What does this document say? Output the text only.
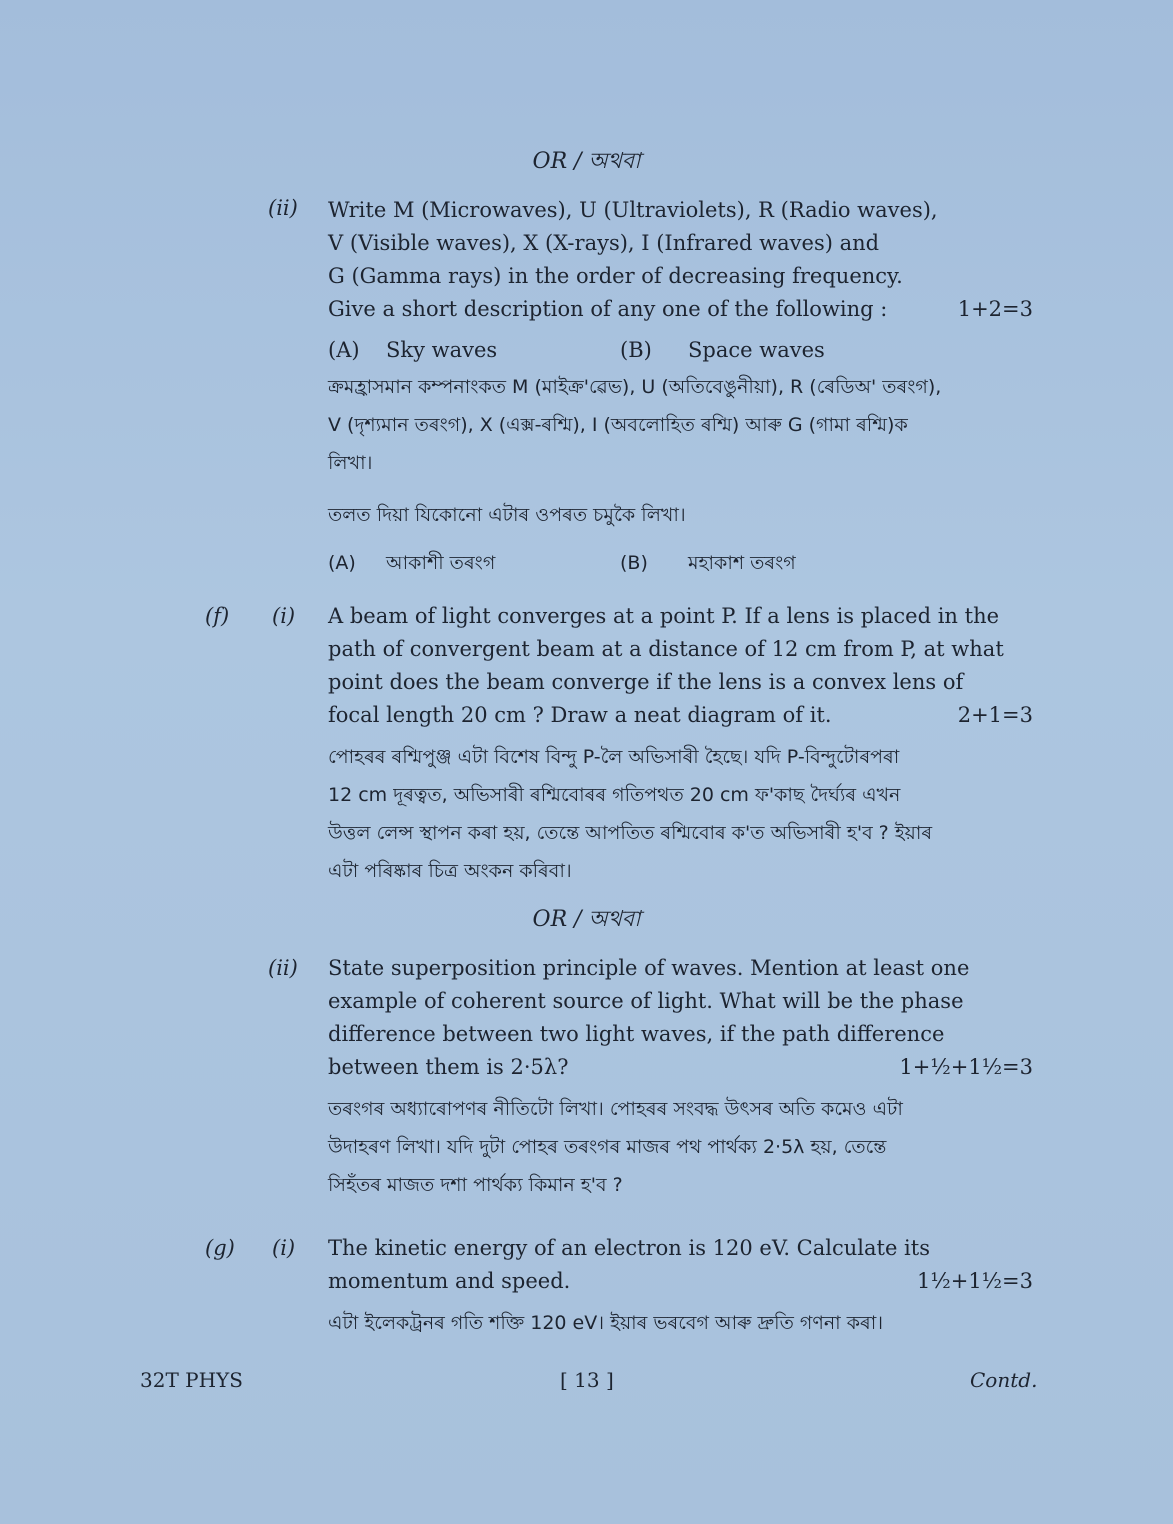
OR / অথবা
(ii) Write M (Microwaves), U (Ultraviolets), R (Radio waves),
V (Visible waves), X (X-rays), I (Infrared waves) and
G (Gamma rays) in the order of decreasing frequency.
Give a short description of any one of the following :	1+2=3
(A)	Sky waves	(B)	Space waves
ক্রমহ্রাসমান কম্পনাংকত M (মাইক্র'ৱেভ), U (অতিবেঙুনীয়া), R (ৰেডিঅ' তৰংগ),
V (দৃশ্যমান তৰংগ), X (এক্স-ৰশ্মি), I (অবলোহিত ৰশ্মি) আৰু G (গামা ৰশ্মি)ক
লিখা।
তলত দিয়া যিকোনো এটাৰ ওপৰত চমুকৈ লিখা।
(A)	আকাশী তৰংগ	(B)	মহাকাশ তৰংগ
(f) (i) A beam of light converges at a point P. If a lens is placed in the
path of convergent beam at a distance of 12 cm from P, at what
point does the beam converge if the lens is a convex lens of
focal length 20 cm ? Draw a neat diagram of it.	2+1=3
পোহৰৰ ৰশ্মিপুঞ্জ এটা বিশেষ বিন্দু P-লৈ অভিসাৰী হৈছে। যদি P-বিন্দুটোৰপৰা
12 cm দূৰত্বত, অভিসাৰী ৰশ্মিবোৰৰ গতিপথত 20 cm ফ'কাছ দৈৰ্ঘ্যৰ এখন
উত্তল লেন্স স্থাপন কৰা হয়, তেন্তে আপতিত ৰশ্মিবোৰ ক'ত অভিসাৰী হ'ব ? ইয়াৰ
এটা পৰিষ্কাৰ চিত্ৰ অংকন কৰিবা।
OR / অথবা
(ii) State superposition principle of waves. Mention at least one
example of coherent source of light. What will be the phase
difference between two light waves, if the path difference
between them is 2·5λ?	1+½+1½=3
তৰংগৰ অধ্যাৰোপণৰ নীতিটো লিখা। পোহৰৰ সংবদ্ধ উৎসৰ অতি কমেও এটা
উদাহৰণ লিখা। যদি দুটা পোহৰ তৰংগৰ মাজৰ পথ পাৰ্থক্য 2·5λ হয়, তেন্তে
সিহঁতৰ মাজত দশা পাৰ্থক্য কিমান হ'ব ?
(g) (i) The kinetic energy of an electron is 120 eV. Calculate its
momentum and speed.	1½+1½=3
এটা ইলেকট্ৰনৰ গতি শক্তি 120 eV। ইয়াৰ ভৰবেগ আৰু দ্ৰুতি গণনা কৰা।
32T PHYS	[ 13 ]	Contd.
